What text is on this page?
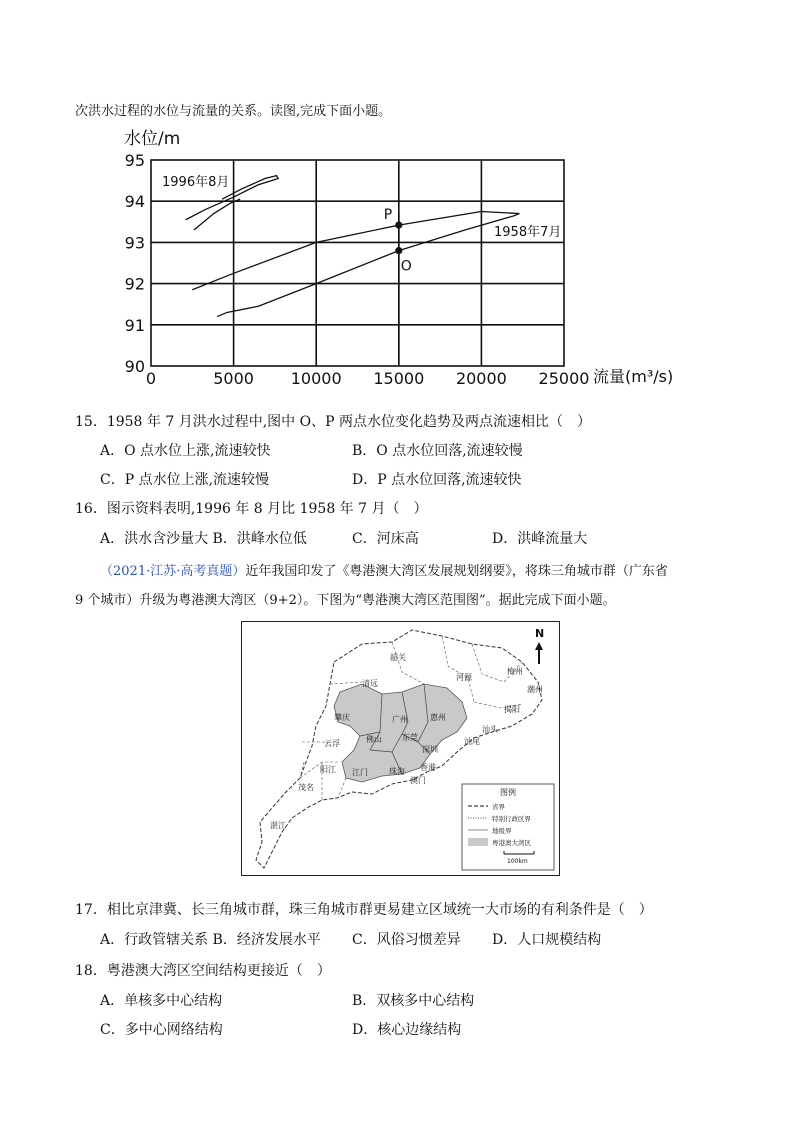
次洪水过程的水位与流量的关系。读图,完成下面小题。
水位/m
90
91
92
93
94
95
0	5000 10000 15000 20000 25000 流量(m³/s)
P
O
1996年8月
1958年7月
15．1958 年 7 月洪水过程中,图中 O、P 两点水位变化趋势及两点流速相比（　）
A．O 点水位上涨,流速较快	B．O 点水位回落,流速较慢
C．P 点水位上涨,流速较慢	D．P 点水位回落,流速较快
16．图示资料表明,1996 年 8 月比 1958 年 7 月（　）
A．洪水含沙量大 B．洪峰水位低	C．河床高	D．洪峰流量大
（2021·江苏·高考真题）近年我国印发了《粤港澳大湾区发展规划纲要》，将珠三角城市群（广东省
9 个城市）升级为粤港澳大湾区（9+2）。下图为“粤港澳大湾区范围图”。据此完成下面小题。
N
韶关
清远
河源
梅州
潮州
揭阳
汕头
汕尾
云浮
阳江
茂名
湛江
肇庆	广州	惠州
佛山	东莞
深圳
江门	珠海 香港
澳门
图例
省界
特别行政区界
地级界
粤港澳大湾区
100km
17．相比京津冀、长三角城市群，珠三角城市群更易建立区域统一大市场的有利条件是（　）
A．行政管辖关系 B．经济发展水平 C．风俗习惯差异 D．人口规模结构
18．粤港澳大湾区空间结构更接近（　）
A．单核多中心结构	B．双核多中心结构
C．多中心网络结构	D．核心边缘结构
